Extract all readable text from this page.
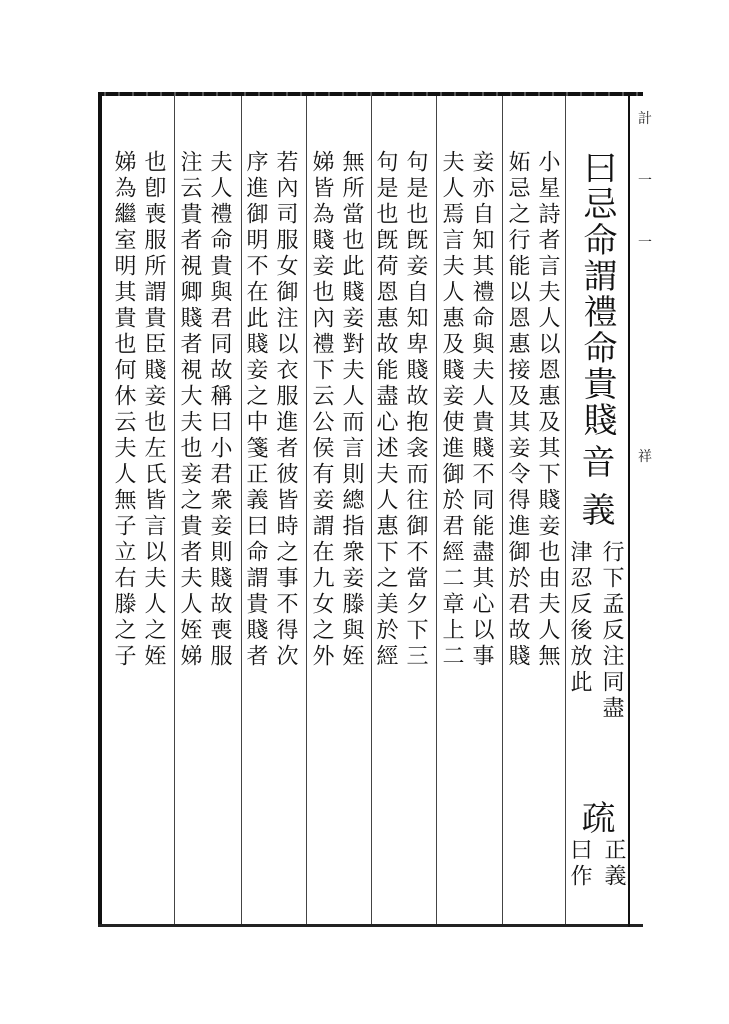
計
一
一
祥
曰忌命謂禮命貴賤
音
義
行下孟反注同盡
津忍反後放此
疏
正義
曰作
小星詩者言夫人以恩惠及其下賤妾也由夫人無
妬忌之行能以恩惠接及其妾令得進御於君故賤
妾亦自知其禮命與夫人貴賤不同能盡其心以事
夫人焉言夫人惠及賤妾使進御於君經二章上二
句是也旣妾自知卑賤故抱衾而往御不當夕下三
句是也旣荷恩惠故能盡心述夫人惠下之美於經
無所當也此賤妾對夫人而言則總指衆妾滕與姪
娣皆為賤妾也內禮下云公侯有妾謂在九女之外
若內司服女御注以衣服進者彼皆時之事不得次
序進御明不在此賤妾之中箋正義曰命謂貴賤者
夫人禮命貴與君同故稱曰小君衆妾則賤故喪服
注云貴者視卿賤者視大夫也妾之貴者夫人姪娣
也卽喪服所謂貴臣賤妾也左氏皆言以夫人之姪
娣為繼室明其貴也何休云夫人無子立右滕之子
